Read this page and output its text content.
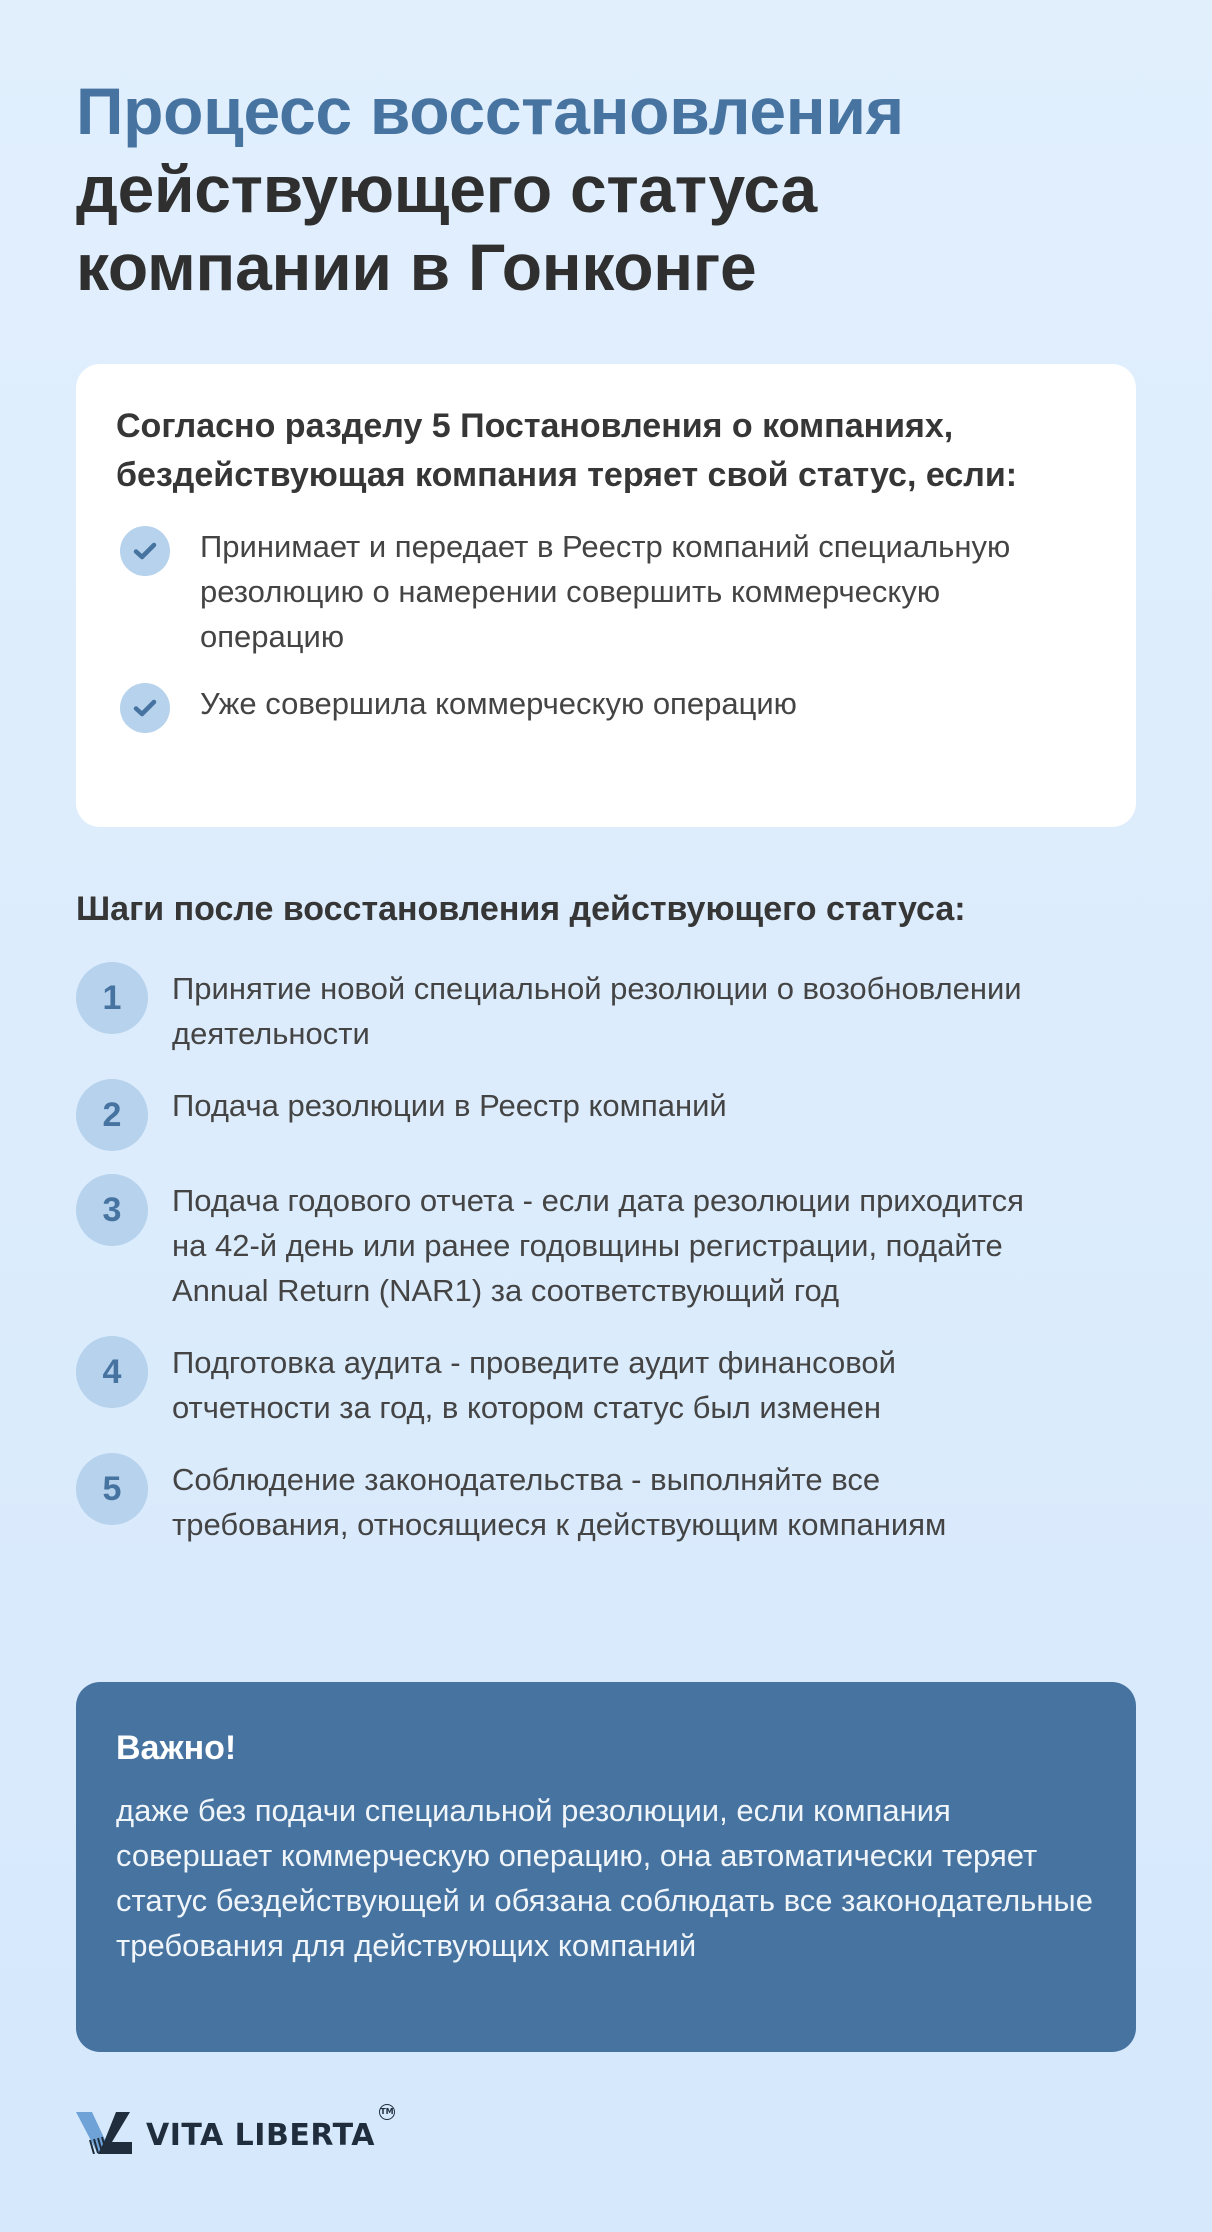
Процесс восстановления
действующего статуса
компании в Гонконге

Согласно разделу 5 Постановления о компаниях, бездействующая компания теряет свой статус, если:

Принимает и передает в Реестр компаний специальную резолюцию о намерении совершить коммерческую операцию
Уже совершила коммерческую операцию
Шаги после восстановления действующего статуса:
1	Принятие новой специальной резолюции о возобновлении деятельности
2	Подача резолюции в Реестр компаний
3	Подача годового отчета - если дата резолюции приходится на 42-й день или ранее годовщины регистрации, подайте Annual Return (NAR1) за соответствующий год
4	Подготовка аудита - проведите аудит финансовой отчетности за год, в котором статус был изменен
5	Соблюдение законодательства - выполняйте все требования, относящиеся к действующим компаниям
Важно!

даже без подачи специальной резолюции, если компания совершает коммерческую операцию, она автоматически теряет статус бездействующей и обязана соблюдать все законодательные требования для действующих компаний

VITA LIBERTA
TM
